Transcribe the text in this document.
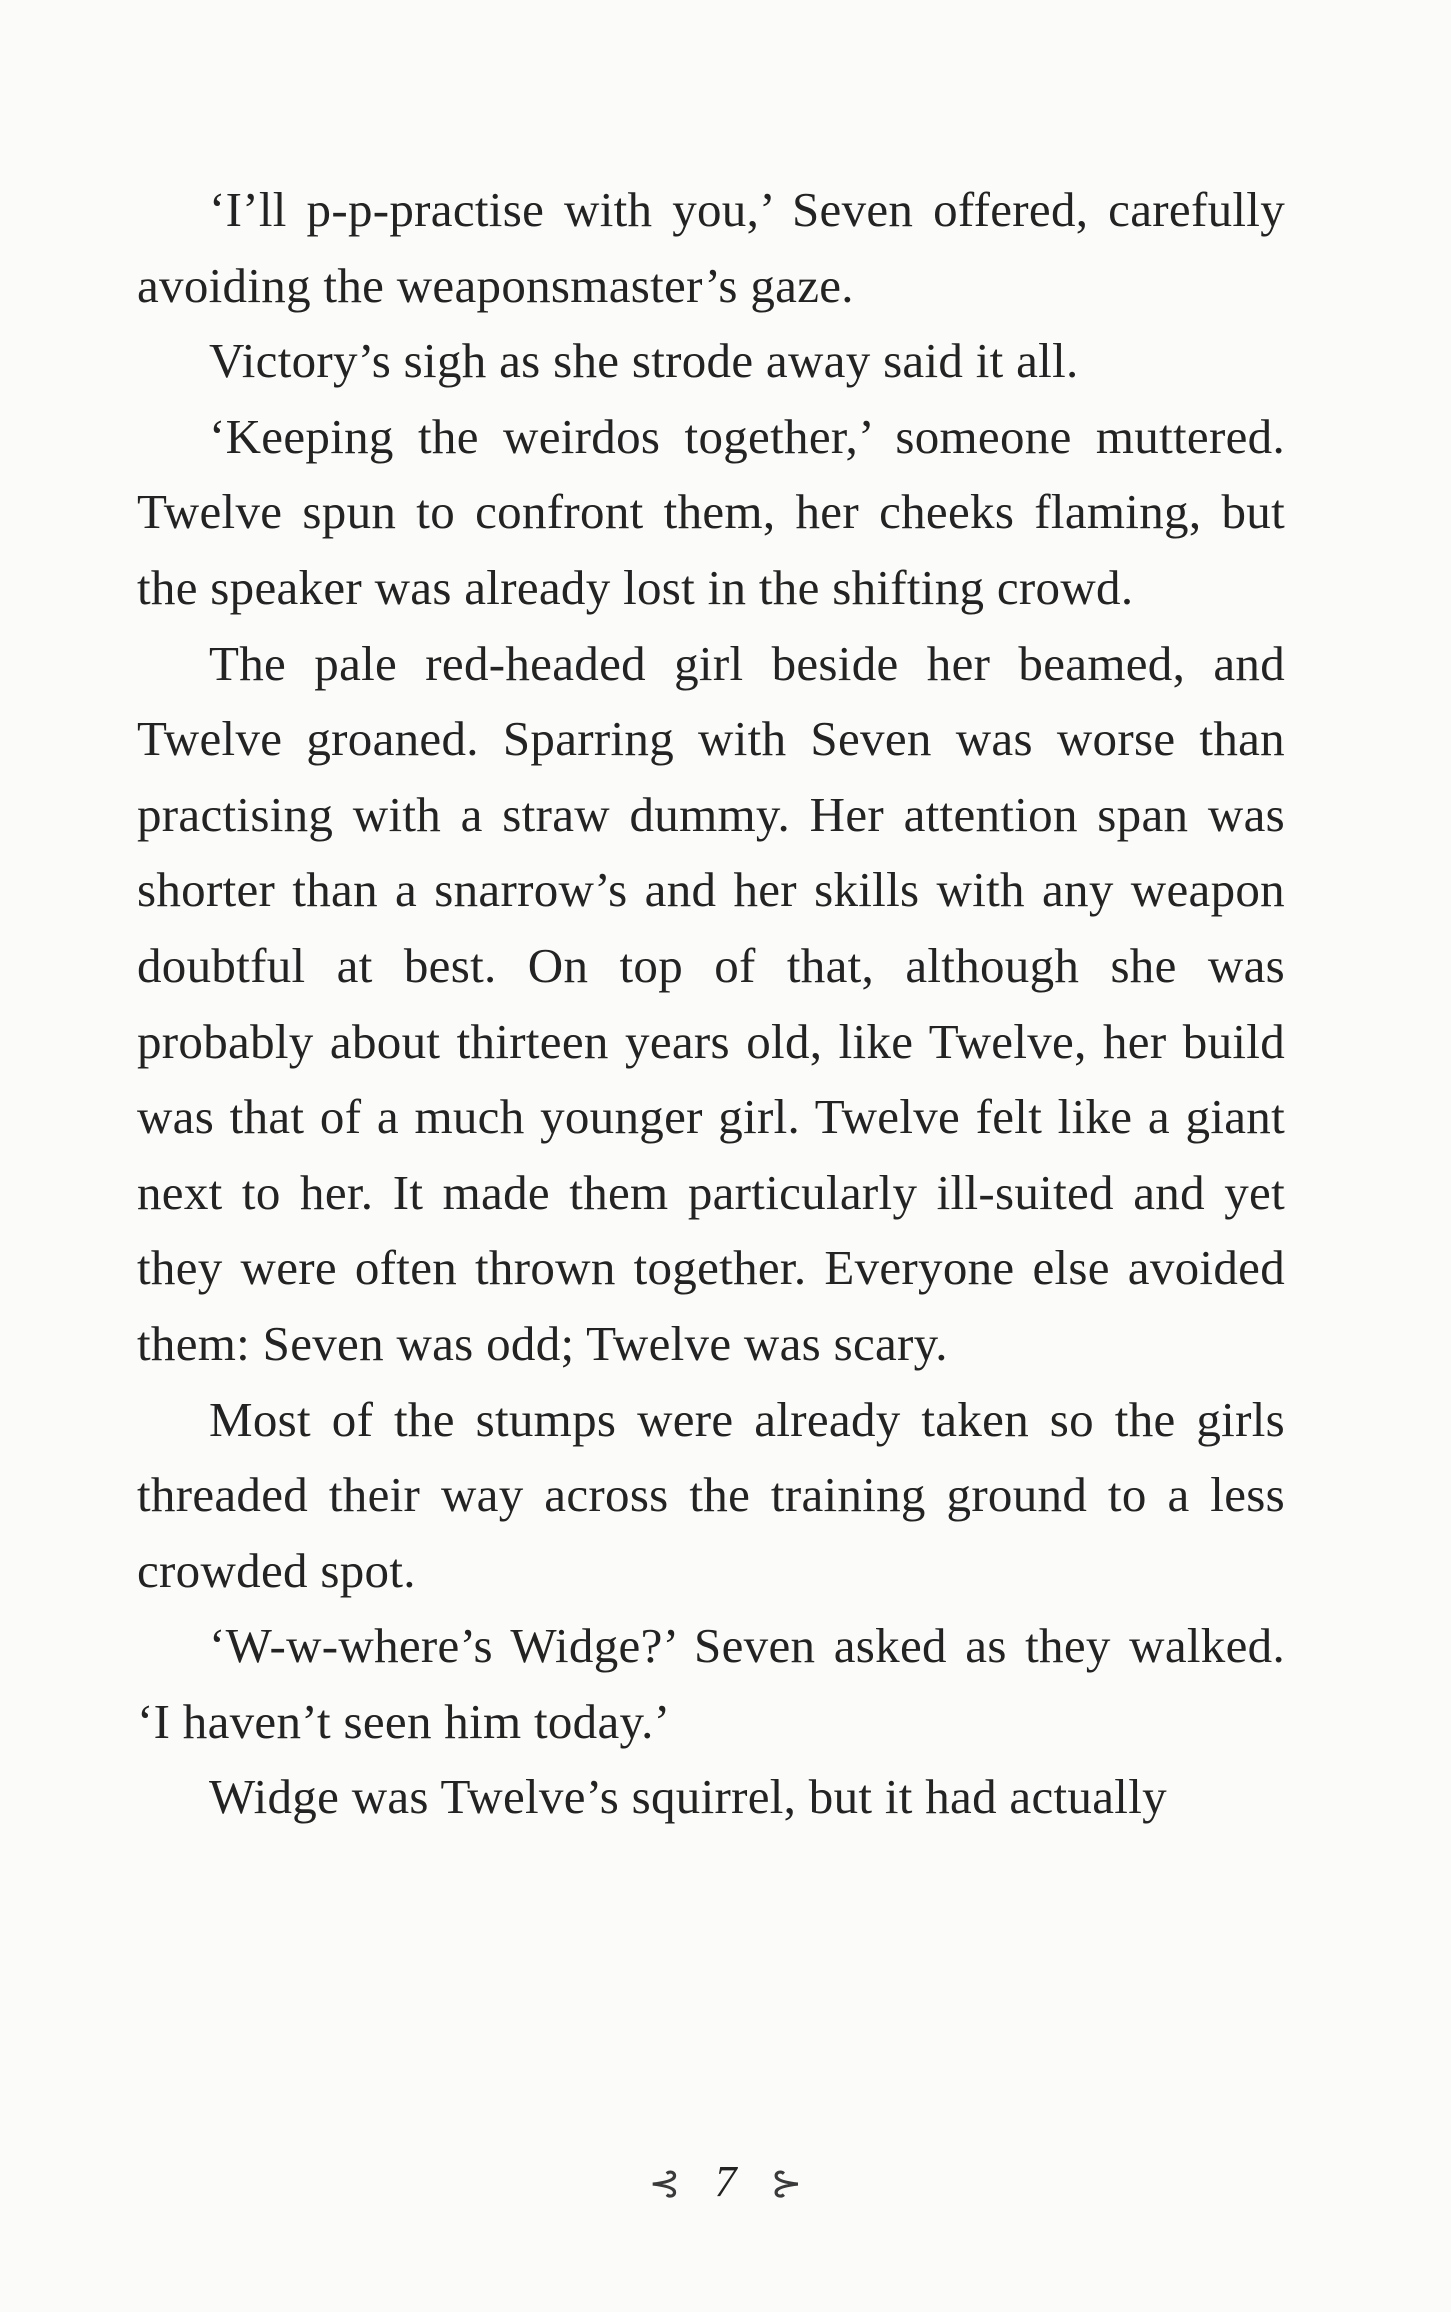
‘I’ll p-p-practise with you,’ Seven offered, carefully avoiding the weaponsmaster’s gaze.

Victory’s sigh as she strode away said it all.

‘Keeping the weirdos together,’ someone muttered. Twelve spun to confront them, her cheeks flaming, but the speaker was already lost in the shifting crowd.

The pale red-headed girl beside her beamed, and Twelve groaned. Sparring with Seven was worse than practising with a straw dummy. Her attention span was shorter than a snarrow’s and her skills with any weapon doubtful at best. On top of that, although she was probably about thirteen years old, like Twelve, her build was that of a much younger girl. Twelve felt like a giant next to her. It made them particularly ill-suited and yet they were often thrown together. Everyone else avoided them: Seven was odd; Twelve was scary.

Most of the stumps were already taken so the girls threaded their way across the training ground to a less crowded spot.

‘W-w-where’s Widge?’ Seven asked as they walked. ‘I haven’t seen him today.’

Widge was Twelve’s squirrel, but it had actually

⊰ 7 ⊱
